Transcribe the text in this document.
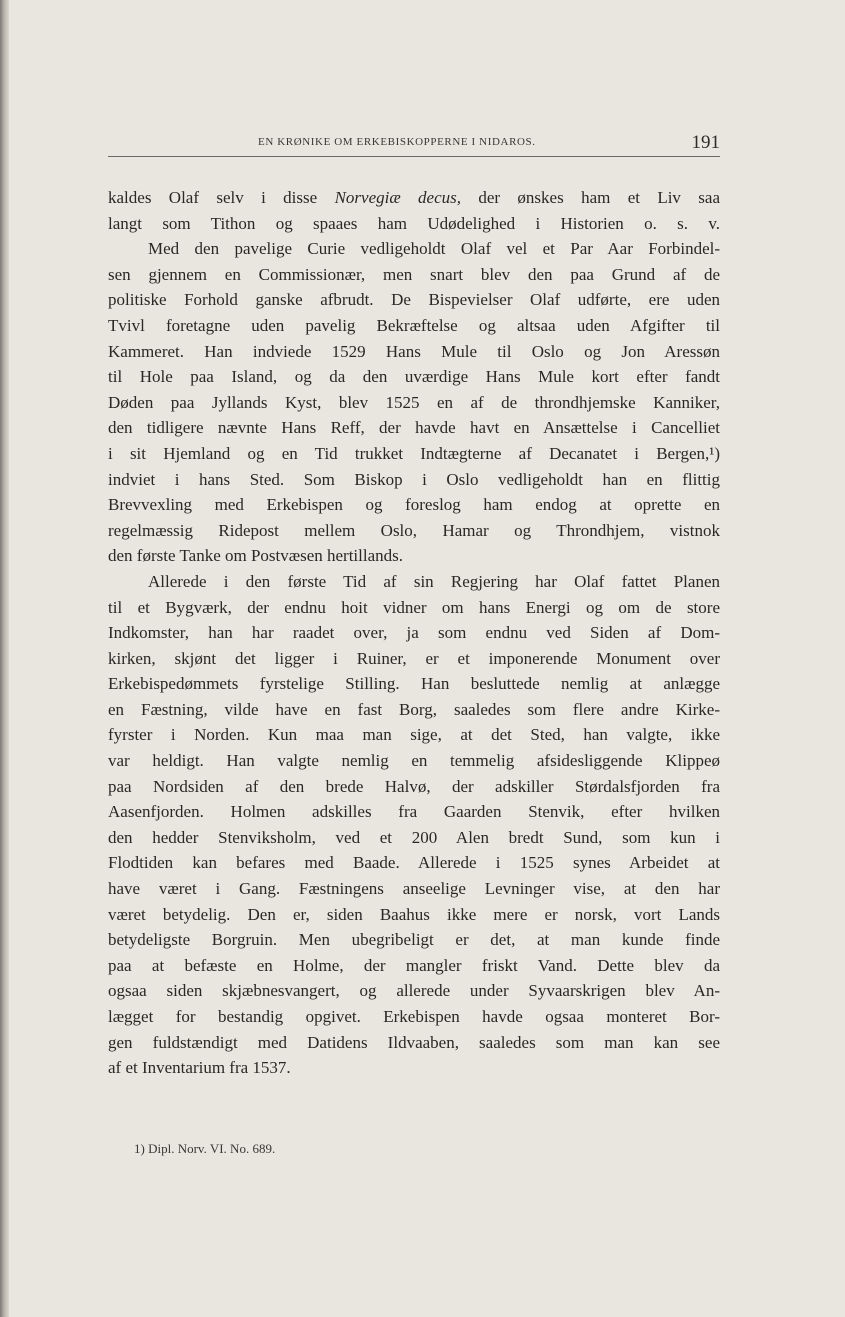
EN KRØNIKE OM ERKEBISKOPPERNE I NIDAROS.	191
kaldes Olaf selv i disse Norvegiæ decus, der ønskes ham et Liv saa
langt som Tithon og spaaes ham Udødelighed i Historien o. s. v.
Med den pavelige Curie vedligeholdt Olaf vel et Par Aar Forbindel-
sen gjennem en Commissionær, men snart blev den paa Grund af de
politiske Forhold ganske afbrudt. De Bispevielser Olaf udførte, ere uden
Tvivl foretagne uden pavelig Bekræftelse og altsaa uden Afgifter til
Kammeret. Han indviede 1529 Hans Mule til Oslo og Jon Aressøn
til Hole paa Island, og da den uværdige Hans Mule kort efter fandt
Døden paa Jyllands Kyst, blev 1525 en af de throndhjemske Kanniker,
den tidligere nævnte Hans Reff, der havde havt en Ansættelse i Cancelliet
i sit Hjemland og en Tid trukket Indtægterne af Decanatet i Bergen,¹)
indviet i hans Sted. Som Biskop i Oslo vedligeholdt han en flittig
Brevvexling med Erkebispen og foreslog ham endog at oprette en
regelmæssig Ridepost mellem Oslo, Hamar og Throndhjem, vistnok
den første Tanke om Postvæsen hertillands.
Allerede i den første Tid af sin Regjering har Olaf fattet Planen
til et Bygværk, der endnu hoit vidner om hans Energi og om de store
Indkomster, han har raadet over, ja som endnu ved Siden af Dom-
kirken, skjønt det ligger i Ruiner, er et imponerende Monument over
Erkebispedømmets fyrstelige Stilling. Han besluttede nemlig at anlægge
en Fæstning, vilde have en fast Borg, saaledes som flere andre Kirke-
fyrster i Norden. Kun maa man sige, at det Sted, han valgte, ikke
var heldigt. Han valgte nemlig en temmelig afsidesliggende Klippeø
paa Nordsiden af den brede Halvø, der adskiller Størdalsfjorden fra
Aasenfjorden. Holmen adskilles fra Gaarden Stenvik, efter hvilken
den hedder Stenviksholm, ved et 200 Alen bredt Sund, som kun i
Flodtiden kan befares med Baade. Allerede i 1525 synes Arbeidet at
have været i Gang. Fæstningens anseelige Levninger vise, at den har
været betydelig. Den er, siden Baahus ikke mere er norsk, vort Lands
betydeligste Borgruin. Men ubegribeligt er det, at man kunde finde
paa at befæste en Holme, der mangler friskt Vand. Dette blev da
ogsaa siden skjæbnesvangert, og allerede under Syvaarskrigen blev An-
lægget for bestandig opgivet. Erkebispen havde ogsaa monteret Bor-
gen fuldstændigt med Datidens Ildvaaben, saaledes som man kan see
af et Inventarium fra 1537.
1) Dipl. Norv. VI. No. 689.
